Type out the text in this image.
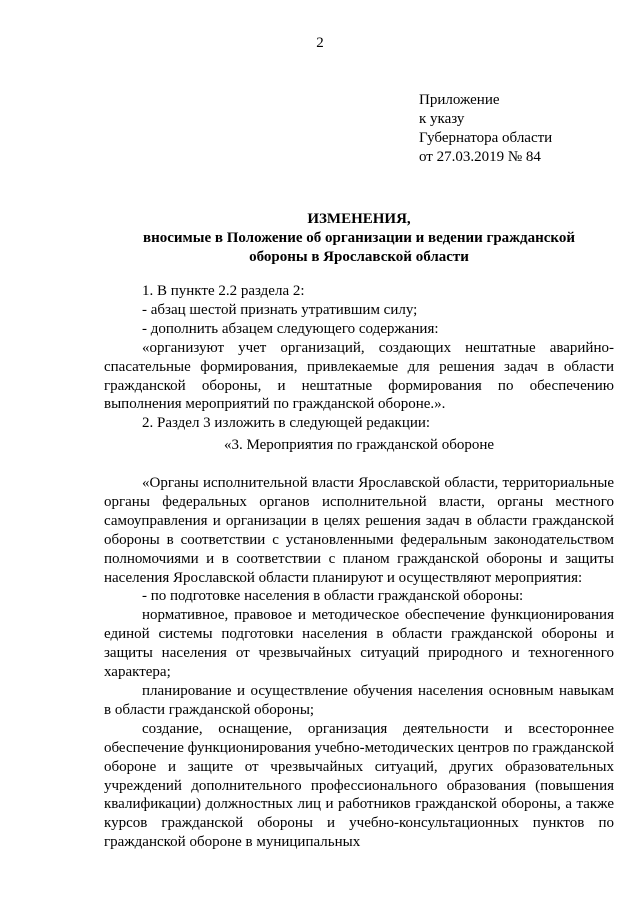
2
Приложение
к указу
Губернатора области
от 27.03.2019 № 84
ИЗМЕНЕНИЯ,
вносимые в Положение об организации и ведении гражданской
обороны в Ярославской области

1. В пункте 2.2 раздела 2:

- абзац шестой признать утратившим силу;

- дополнить абзацем следующего содержания:

«организуют учет организаций, создающих нештатные аварийно-спасательные формирования, привлекаемые для решения задач в области гражданской обороны, и нештатные формирования по обеспечению выполнения мероприятий по гражданской обороне.».

2. Раздел 3 изложить в следующей редакции:

«3. Мероприятия по гражданской обороне

«Органы исполнительной власти Ярославской области, территориальные органы федеральных органов исполнительной власти, органы местного самоуправления и организации в целях решения задач в области гражданской обороны в соответствии с установленными федеральным законодательством полномочиями и в соответствии с планом гражданской обороны и защиты населения Ярославской области планируют и осуществляют мероприятия:

- по подготовке населения в области гражданской обороны:

нормативное, правовое и методическое обеспечение функционирования единой системы подготовки населения в области гражданской обороны и защиты населения от чрезвычайных ситуаций природного и техногенного характера;

планирование и осуществление обучения населения основным навыкам в области гражданской обороны;

создание, оснащение, организация деятельности и всестороннее обеспечение функционирования учебно-методических центров по гражданской обороне и защите от чрезвычайных ситуаций, других образовательных учреждений дополнительного профессионального образования (повышения квалификации) должностных лиц и работников гражданской обороны, а также курсов гражданской обороны и учебно-консультационных пунктов по гражданской обороне в муниципальных
